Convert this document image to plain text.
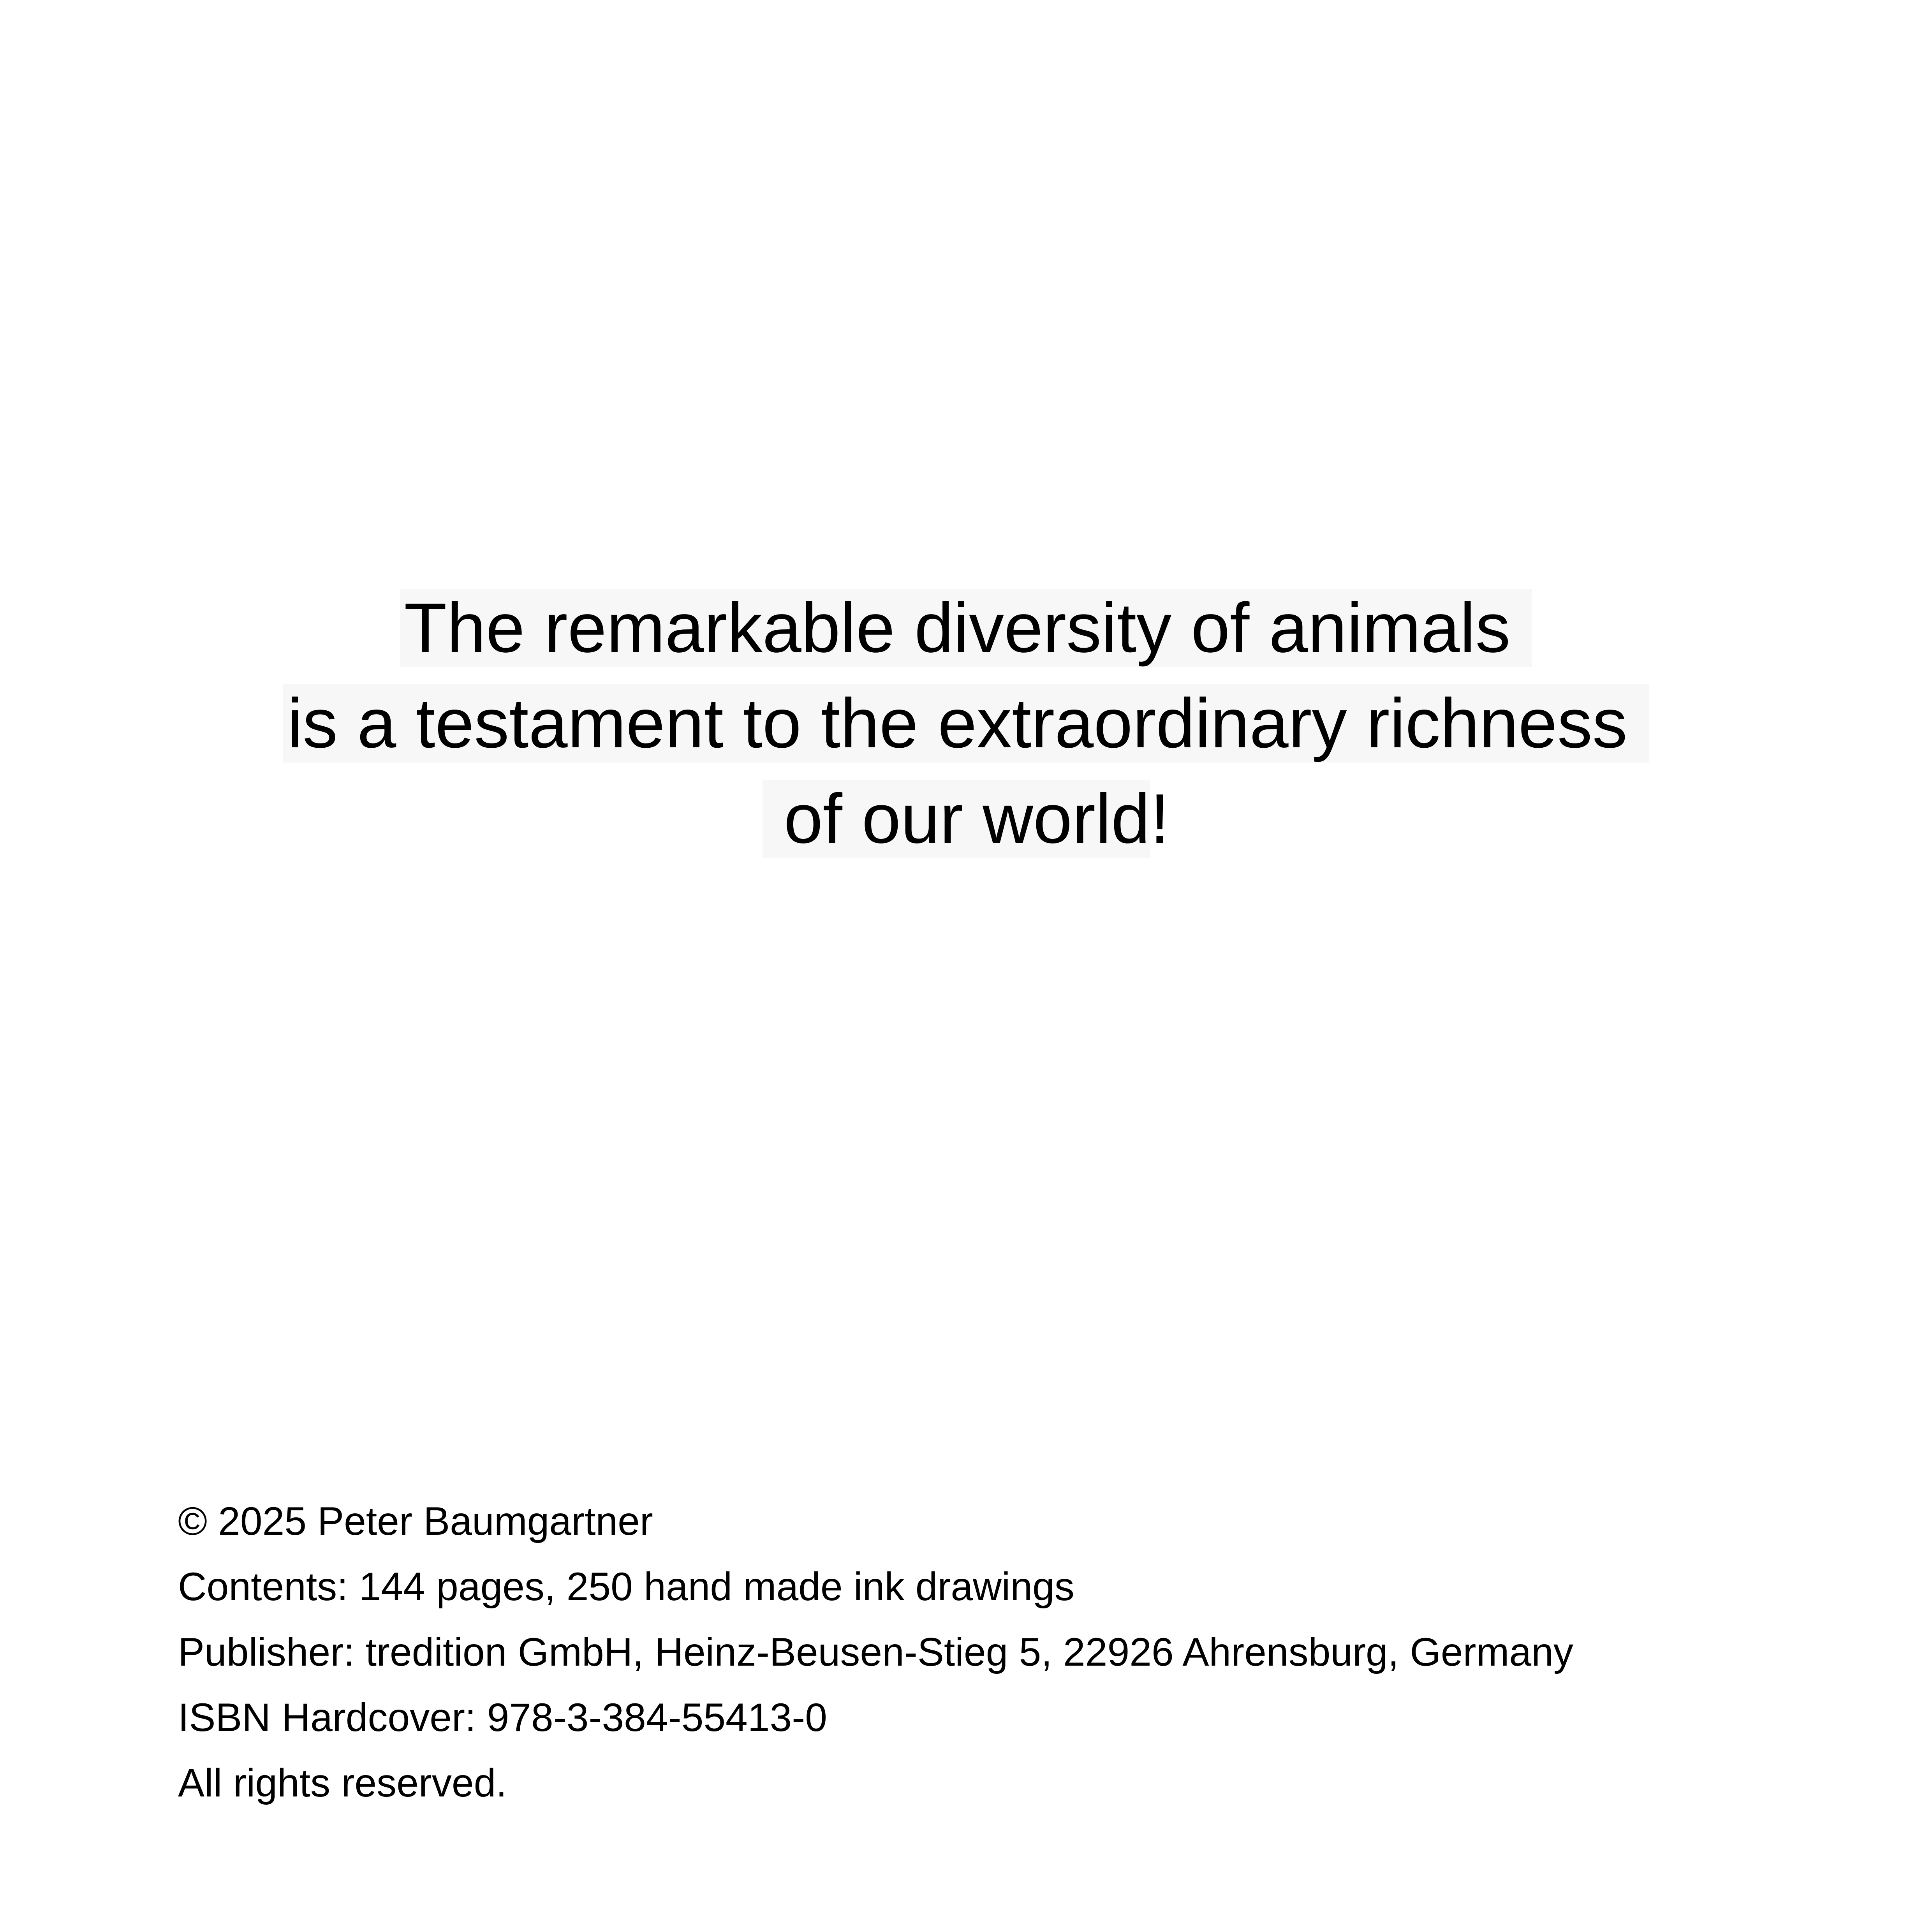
The remarkable diversity of animals
is a testament to the extraordinary richness
of our world!
© 2025 Peter Baumgartner
Contents: 144 pages, 250 hand made ink drawings
Publisher: tredition GmbH, Heinz-Beusen-Stieg 5, 22926 Ahrensburg, Germany
ISBN Hardcover: 978-3-384-55413-0
All rights reserved.
